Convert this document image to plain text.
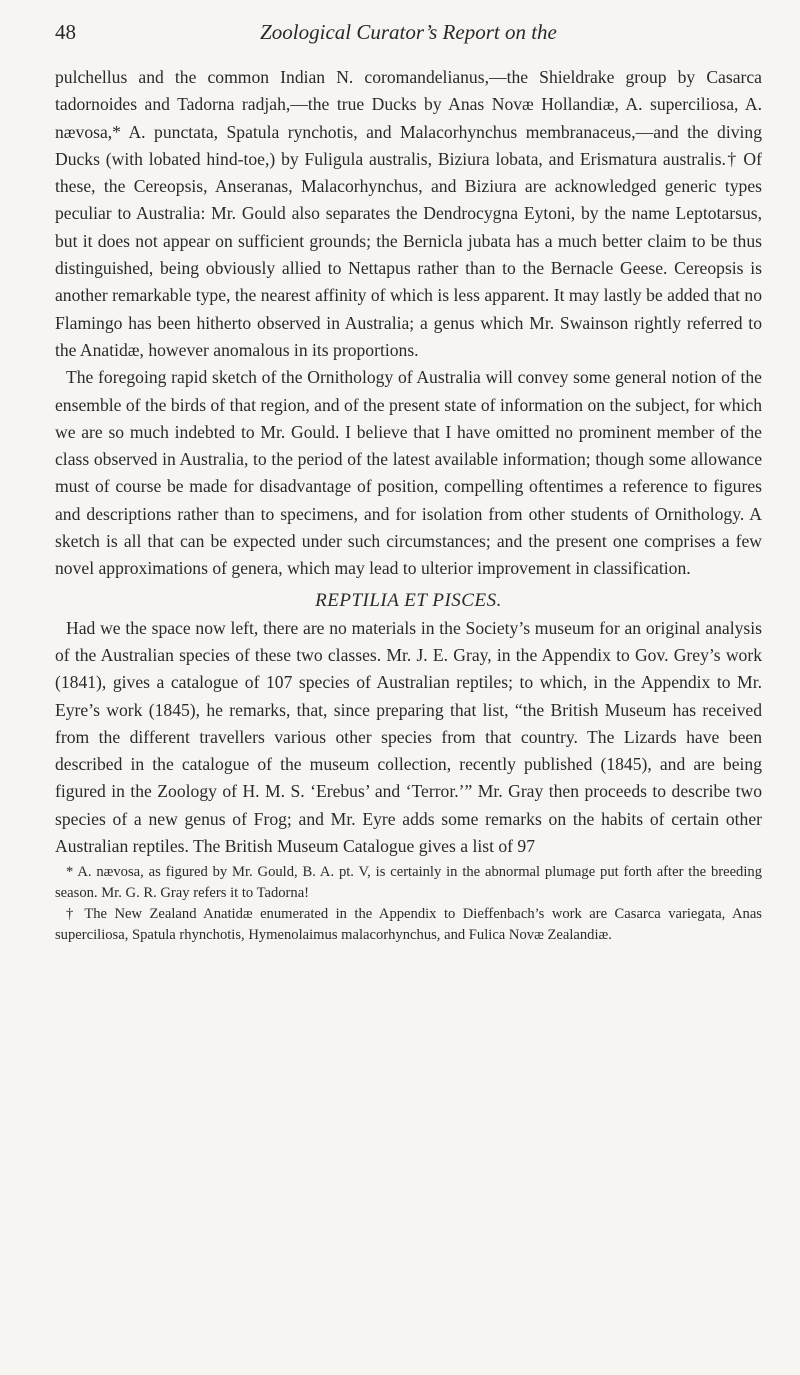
48	Zoological Curator’s Report on the

pulchellus and the common Indian N. coromandelianus,—the Shieldrake group by Casarca tadornoides and Tadorna radjah,—the true Ducks by Anas Novæ Hollandiæ, A. superciliosa, A. nævosa,* A. punctata, Spatula rynchotis, and Malacorhynchus membranaceus,—and the diving Ducks (with lobated hind-toe,) by Fuligula australis, Biziura lobata, and Erismatura australis.† Of these, the Cereopsis, Anseranas, Malacorhynchus, and Biziura are acknowledged generic types peculiar to Australia: Mr. Gould also separates the Dendrocygna Eytoni, by the name Leptotarsus, but it does not appear on sufficient grounds; the Bernicla jubata has a much better claim to be thus distinguished, being obviously allied to Nettapus rather than to the Bernacle Geese. Cereopsis is another remarkable type, the nearest affinity of which is less apparent. It may lastly be added that no Flamingo has been hitherto observed in Australia; a genus which Mr. Swainson rightly referred to the Anatidæ, however anomalous in its proportions.

The foregoing rapid sketch of the Ornithology of Australia will convey some general notion of the ensemble of the birds of that region, and of the present state of information on the subject, for which we are so much indebted to Mr. Gould. I believe that I have omitted no prominent member of the class observed in Australia, to the period of the latest available information; though some allowance must of course be made for disadvantage of position, compelling oftentimes a reference to figures and descriptions rather than to specimens, and for isolation from other students of Ornithology. A sketch is all that can be expected under such circumstances; and the present one comprises a few novel approximations of genera, which may lead to ulterior improvement in classification.

REPTILIA ET PISCES.

Had we the space now left, there are no materials in the Society’s museum for an original analysis of the Australian species of these two classes. Mr. J. E. Gray, in the Appendix to Gov. Grey’s work (1841), gives a catalogue of 107 species of Australian reptiles; to which, in the Appendix to Mr. Eyre’s work (1845), he remarks, that, since preparing that list, “the British Museum has received from the different travellers various other species from that country. The Lizards have been described in the catalogue of the museum collection, recently published (1845), and are being figured in the Zoology of H. M. S. ‘Erebus’ and ‘Terror.’” Mr. Gray then proceeds to describe two species of a new genus of Frog; and Mr. Eyre adds some remarks on the habits of certain other Australian reptiles. The British Museum Catalogue gives a list of 97

* A. nævosa, as figured by Mr. Gould, B. A. pt. V, is certainly in the abnormal plumage put forth after the breeding season. Mr. G. R. Gray refers it to Tadorna!

† The New Zealand Anatidæ enumerated in the Appendix to Dieffenbach’s work are Casarca variegata, Anas superciliosa, Spatula rhynchotis, Hymenolaimus malacorhynchus, and Fulica Novæ Zealandiæ.
